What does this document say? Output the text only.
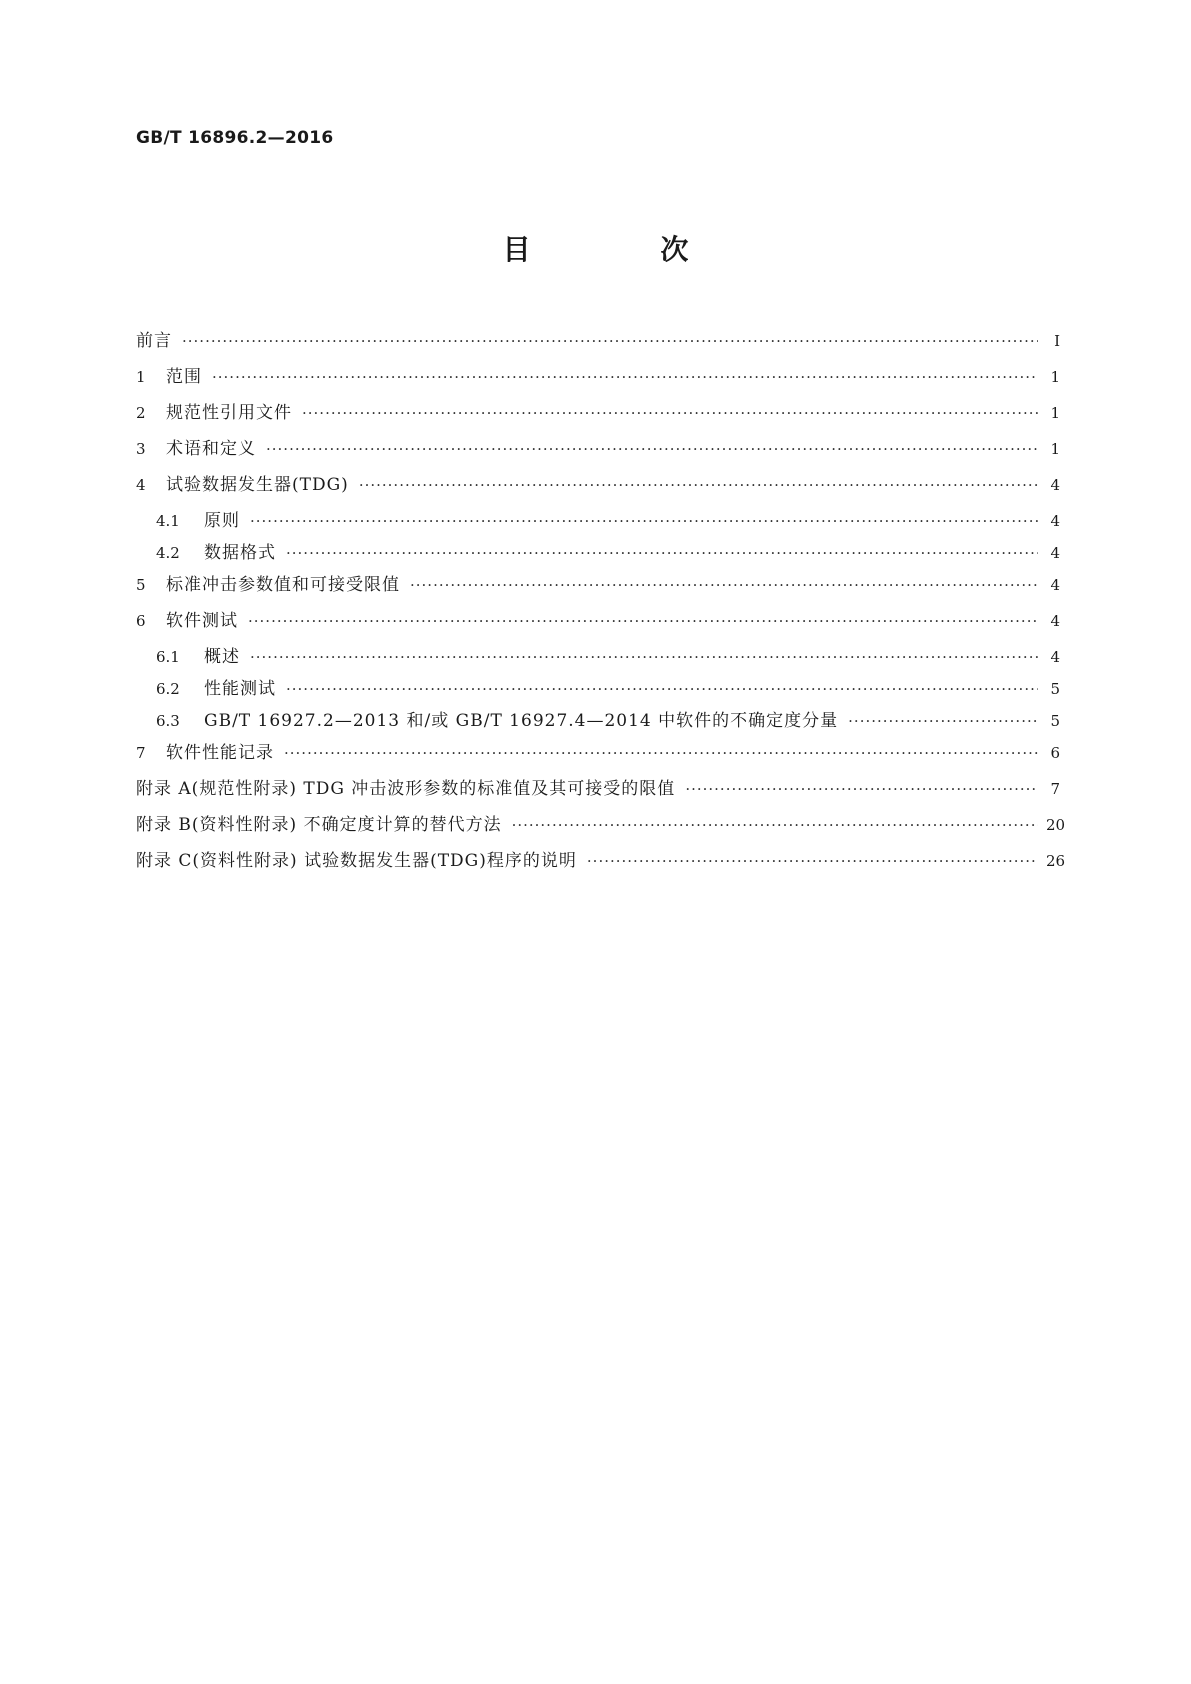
GB/T 16896.2—2016
目 次
前言 ·····	Ⅰ
1	范围 ·····	1
2	规范性引用文件 ·····	1
3	术语和定义 ·····	1
4	试验数据发生器(TDG) ·····	4
4.1	原则 ·····	4
4.2	数据格式 ·····	4
5	标准冲击参数值和可接受限值 ·····	4
6	软件测试 ·····	4
6.1	概述 ·····	4
6.2	性能测试 ·····	5
6.3	GB/T 16927.2—2013 和/或 GB/T 16927.4—2014 中软件的不确定度分量 ·····	5
7	软件性能记录 ·····	6
附录 A(规范性附录) TDG 冲击波形参数的标准值及其可接受的限值 ·····	7
附录 B(资料性附录) 不确定度计算的替代方法 ·····	20
附录 C(资料性附录) 试验数据发生器(TDG)程序的说明 ·····	26
